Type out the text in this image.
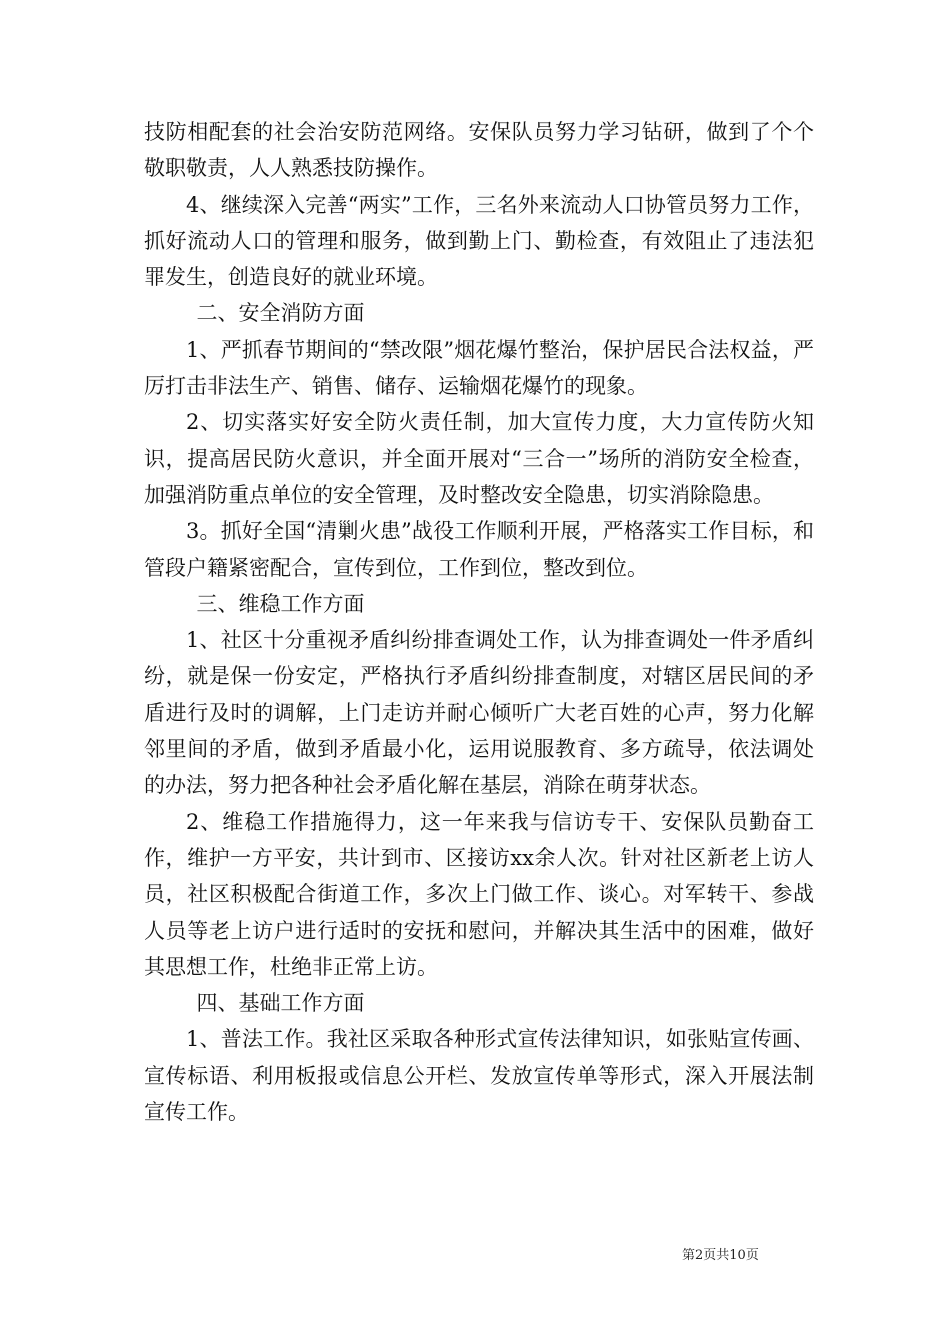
技防相配套的社会治安防范网络。安保队员努力学习钻研，做到了个个敬职敬责，人人熟悉技防操作。

4、继续深入完善“两实”工作，三名外来流动人口协管员努力工作，抓好流动人口的管理和服务，做到勤上门、勤检查，有效阻止了违法犯罪发生，创造良好的就业环境。

二、安全消防方面

1、严抓春节期间的“禁改限”烟花爆竹整治，保护居民合法权益，严厉打击非法生产、销售、储存、运输烟花爆竹的现象。

2、切实落实好安全防火责任制，加大宣传力度，大力宣传防火知识，提高居民防火意识，并全面开展对“三合一”场所的消防安全检查，加强消防重点单位的安全管理，及时整改安全隐患，切实消除隐患。

3。抓好全国“清剿火患”战役工作顺利开展，严格落实工作目标，和管段户籍紧密配合，宣传到位，工作到位，整改到位。

三、维稳工作方面

1、社区十分重视矛盾纠纷排查调处工作，认为排查调处一件矛盾纠纷，就是保一份安定，严格执行矛盾纠纷排查制度，对辖区居民间的矛盾进行及时的调解，上门走访并耐心倾听广大老百姓的心声，努力化解邻里间的矛盾，做到矛盾最小化，运用说服教育、多方疏导，依法调处的办法，努力把各种社会矛盾化解在基层，消除在萌芽状态。

2、维稳工作措施得力，这一年来我与信访专干、安保队员勤奋工作，维护一方平安，共计到市、区接访xx余人次。针对社区新老上访人员，社区积极配合街道工作，多次上门做工作、谈心。对军转干、参战人员等老上访户进行适时的安抚和慰问，并解决其生活中的困难，做好其思想工作，杜绝非正常上访。

四、基础工作方面

1、普法工作。我社区采取各种形式宣传法律知识，如张贴宣传画、宣传标语、利用板报或信息公开栏、发放宣传单等形式，深入开展法制宣传工作。

第2页共10页
